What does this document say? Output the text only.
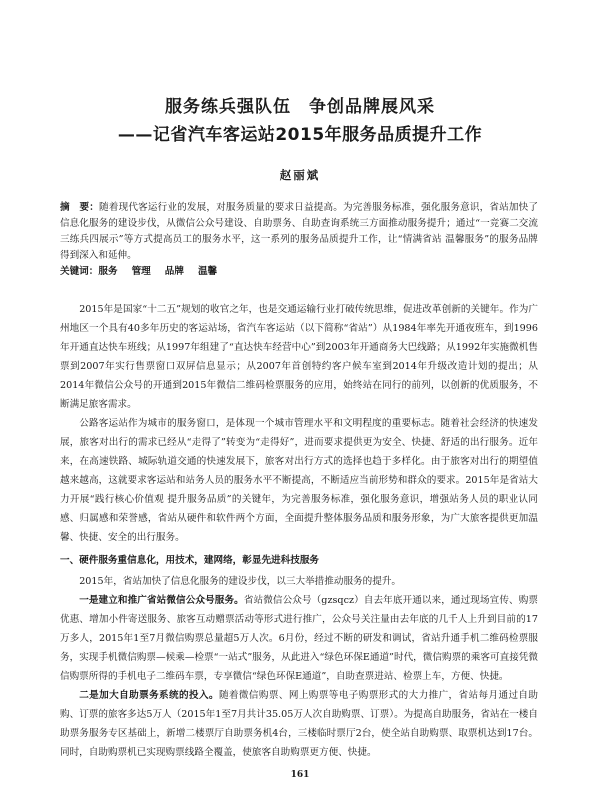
服务练兵强队伍　争创品牌展风采
——记省汽车客运站2015年服务品质提升工作
赵丽斌
摘　要：随着现代客运行业的发展，对服务质量的要求日益提高。为完善服务标准，强化服务意识，省站加快了信息化服务的建设步伐，从微信公众号建设、自助票务、自助查询系统三方面推动服务提升；通过“一竞赛二交流三练兵四展示”等方式提高员工的服务水平，这一系列的服务品质提升工作，让“情满省站 温馨服务”的服务品牌得到深入和延伸。
关键词：服务 管理 品牌 温馨

2015年是国家“十二五”规划的收官之年，也是交通运输行业打破传统思维，促进改革创新的关键年。作为广州地区一个具有40多年历史的客运站场，省汽车客运站（以下简称“省站”）从1984年率先开通夜班车，到1996年开通直达快车班线；从1997年组建了“直达快车经营中心”到2003年开通商务大巴线路；从1992年实施微机售票到2007年实行售票窗口双屏信息显示；从2007年首创特约客户候车室到2014年升级改造计划的提出；从2014年微信公众号的开通到2015年微信二维码检票服务的应用，始终站在同行的前列，以创新的优质服务，不断满足旅客需求。

公路客运站作为城市的服务窗口，是体现一个城市管理水平和文明程度的重要标志。随着社会经济的快速发展，旅客对出行的需求已经从“走得了”转变为“走得好”，进而要求提供更为安全、快捷、舒适的出行服务。近年来，在高速铁路、城际轨道交通的快速发展下，旅客对出行方式的选择也趋于多样化。由于旅客对出行的期望值越来越高，这就要求客运站和站务人员的服务水平不断提高，不断适应当前形势和群众的要求。2015年是省站大力开展“践行核心价值观 提升服务品质”的关键年，为完善服务标准，强化服务意识，增强站务人员的职业认同感、归属感和荣誉感，省站从硬件和软件两个方面，全面提升整体服务品质和服务形象，为广大旅客提供更加温馨、快捷、安全的出行服务。

一、硬件服务重信息化，用技术，建网络，彰显先进科技服务

2015年，省站加快了信息化服务的建设步伐，以三大举措推动服务的提升。

一是建立和推广省站微信公众号服务。省站微信公众号（gzsqcz）自去年底开通以来，通过现场宣传、购票优惠、增加小件寄送服务、旅客互动赠票活动等形式进行推广，公众号关注量由去年底的几千人上升到目前的17万多人，2015年1至7月微信购票总量超5万人次。6月份，经过不断的研发和调试，省站升通手机二维码检票服务，实现手机微信购票—候乘—检票“一站式”服务，从此进入“绿色环保E通道”时代，微信购票的乘客可直接凭微信购票所得的手机电子二维码车票，专享微信“绿色环保E通道”，自助查票进站、检票上车，方便、快捷。

二是加大自助票务系统的投入。随着微信购票、网上购票等电子购票形式的大力推广，省站每月通过自助购、订票的旅客多达5万人（2015年1至7月共计35.05万人次自助购票、订票）。为提高自助服务，省站在一楼自助票务服务专区基础上，新增二楼票厅自助票务机4台，三楼临时票厅2台，使全站自助购票、取票机达到17台。同时，自助购票机已实现购票线路全覆盖，使旅客自助购票更方便、快捷。

161
